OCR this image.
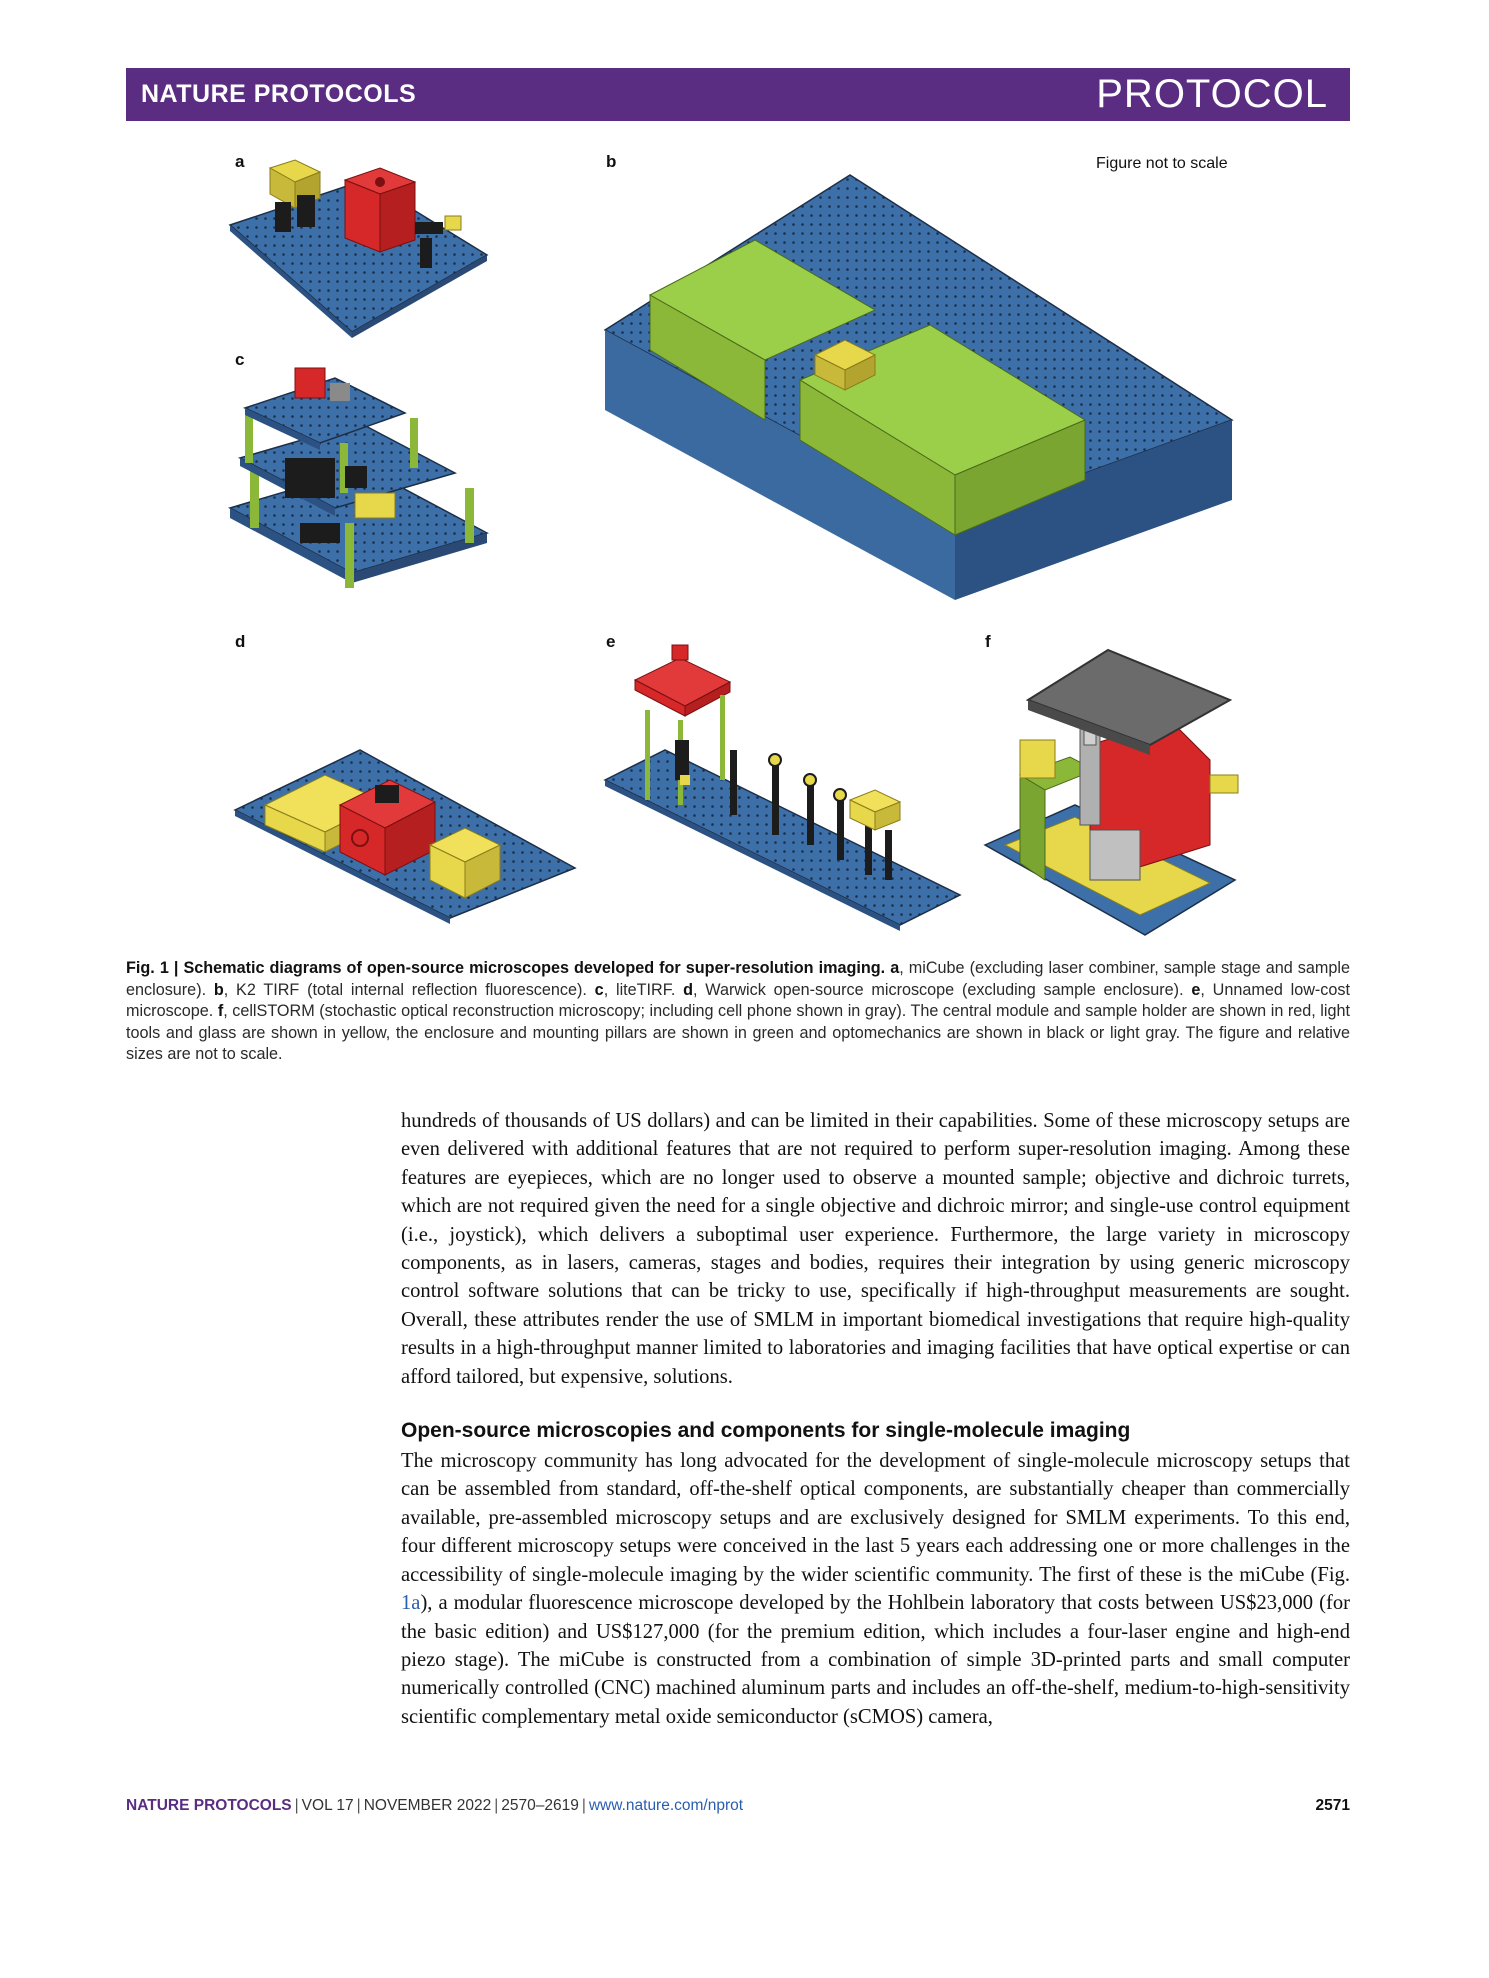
NATURE PROTOCOLS	PROTOCOL
a	b
c
d	e	f
Figure not to scale
Fig. 1 | Schematic diagrams of open-source microscopes developed for super-resolution imaging. a, miCube (excluding laser combiner, sample stage and sample enclosure). b, K2 TIRF (total internal reflection fluorescence). c, liteTIRF. d, Warwick open-source microscope (excluding sample enclosure). e, Unnamed low-cost microscope. f, cellSTORM (stochastic optical reconstruction microscopy; including cell phone shown in gray). The central module and sample holder are shown in red, light tools and glass are shown in yellow, the enclosure and mounting pillars are shown in green and optomechanics are shown in black or light gray. The figure and relative sizes are not to scale.

hundreds of thousands of US dollars) and can be limited in their capabilities. Some of these microscopy setups are even delivered with additional features that are not required to perform super-resolution imaging. Among these features are eyepieces, which are no longer used to observe a mounted sample; objective and dichroic turrets, which are not required given the need for a single objective and dichroic mirror; and single-use control equipment (i.e., joystick), which delivers a suboptimal user experience. Furthermore, the large variety in microscopy components, as in lasers, cameras, stages and bodies, requires their integration by using generic microscopy control software solutions that can be tricky to use, specifically if high-throughput measurements are sought. Overall, these attributes render the use of SMLM in important biomedical investigations that require high-quality results in a high-throughput manner limited to laboratories and imaging facilities that have optical expertise or can afford tailored, but expensive, solutions.

Open-source microscopies and components for single-molecule imaging

The microscopy community has long advocated for the development of single-molecule microscopy setups that can be assembled from standard, off-the-shelf optical components, are substantially cheaper than commercially available, pre-assembled microscopy setups and are exclusively designed for SMLM experiments. To this end, four different microscopy setups were conceived in the last 5 years each addressing one or more challenges in the accessibility of single-molecule imaging by the wider scientific community. The first of these is the miCube (Fig. 1a), a modular fluorescence microscope developed by the Hohlbein laboratory that costs between US$23,000 (for the basic edition) and US$127,000 (for the premium edition, which includes a four-laser engine and high-end piezo stage). The miCube is constructed from a combination of simple 3D-printed parts and small computer numerically controlled (CNC) machined aluminum parts and includes an off-the-shelf, medium-to-high-sensitivity scientific complementary metal oxide semiconductor (sCMOS) camera,

NATURE PROTOCOLS | VOL 17 | NOVEMBER 2022 | 2570–2619 | www.nature.com/nprot	2571
